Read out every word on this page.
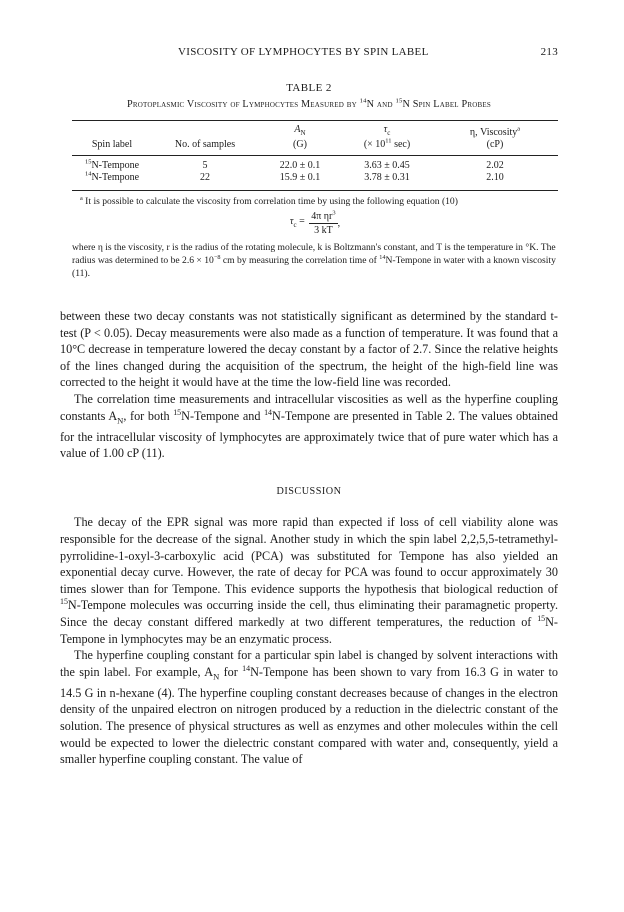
VISCOSITY OF LYMPHOCYTES BY SPIN LABEL	213
TABLE 2
Protoplasmic Viscosity of Lymphocytes Measured by $^{14}$N and $^{15}$N Spin Label Probes
		$A_N$	$\tau_c$	η, Viscosity$^a$
Spin label	No. of samples	(G)	(× $10^{11}$ sec)	(cP)

$^{15}$N-Tempone	5	22.0 ± 0.1	3.63 ± 0.45	2.02
$^{14}$N-Tempone	22	15.9 ± 0.1	3.78 ± 0.31	2.10
$^a$ It is possible to calculate the viscosity from correlation time by using the following equation (10)
$\tau_c = \frac{4\pi \eta r^3}{3 kT}$ ,
where η is the viscosity, r is the radius of the rotating molecule, k is Boltzmann's constant, and T is the temperature in °K. The radius was determined to be $2.6 \times 10^{-8}$ cm by measuring the correlation time of $^{14}$N-Tempone in water with a known viscosity (11).

between these two decay constants was not statistically significant as determined by the standard t-test (P < 0.05). Decay measurements were also made as a function of temperature. It was found that a 10°C decrease in temperature lowered the decay constant by a factor of 2.7. Since the relative heights of the lines changed during the acquisition of the spectrum, the height of the high-field line was corrected to the height it would have at the time the low-field line was recorded.

The correlation time measurements and intracellular viscosities as well as the hyperfine coupling constants $A_N$, for both $^{15}$N-Tempone and $^{14}$N-Tempone are presented in Table 2. The values obtained for the intracellular viscosity of lymphocytes are approximately twice that of pure water which has a value of 1.00 cP (11).

DISCUSSION

The decay of the EPR signal was more rapid than expected if loss of cell viability alone was responsible for the decrease of the signal. Another study in which the spin label 2,2,5,5-tetramethyl-pyrrolidine-1-oxyl-3-carboxylic acid (PCA) was substituted for Tempone has also yielded an exponential decay curve. However, the rate of decay for PCA was found to occur approximately 30 times slower than for Tempone. This evidence supports the hypothesis that biological reduction of $^{15}$N-Tempone molecules was occurring inside the cell, thus eliminating their paramagnetic property. Since the decay constant differed markedly at two different temperatures, the reduction of $^{15}$N-Tempone in lymphocytes may be an enzymatic process.

The hyperfine coupling constant for a particular spin label is changed by solvent interactions with the spin label. For example, $A_N$ for $^{14}$N-Tempone has been shown to vary from 16.3 G in water to 14.5 G in n-hexane (4). The hyperfine coupling constant decreases because of changes in the electron density of the unpaired electron on nitrogen produced by a reduction in the dielectric constant of the solution. The presence of physical structures as well as enzymes and other molecules within the cell would be expected to lower the dielectric constant compared with water and, consequently, yield a smaller hyperfine coupling constant. The value of
